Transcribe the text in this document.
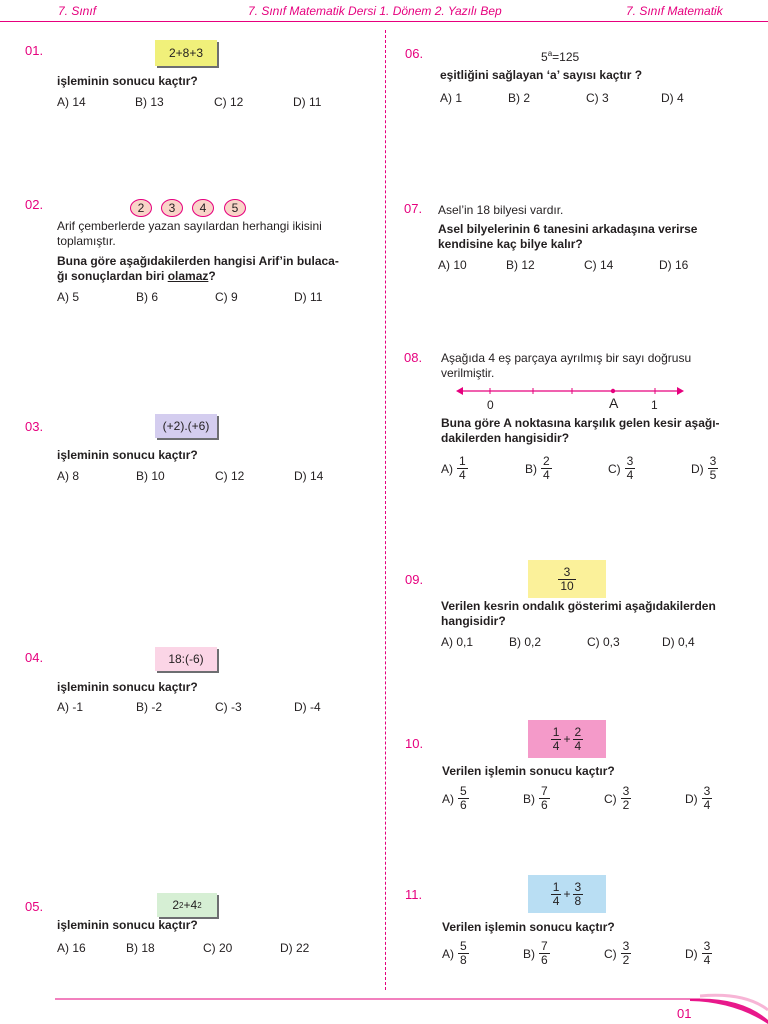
7. Sınıf	7. Sınıf Matematik Dersi 1. Dönem 2. Yazılı Bep	7. Sınıf Matematik
01.	2+8+3
işleminin sonucu kaçtır?
A) 14	B) 13	C) 12	D) 11
02.	2	3	4	5
Arif çemberlerde yazan sayılardan herhangi ikisini toplamıştır.
Buna göre aşağıdakilerden hangisi Arif’in bulaca-
ğı sonuçlardan biri olamaz?
A) 5	B) 6	C) 9	D) 11
03.	(+2).(+6)
işleminin sonucu kaçtır?
A) 8	B) 10	C) 12	D) 14
04.	18:(-6)
işleminin sonucu kaçtır?
A) -1	B) -2	C) -3	D) -4
05.	2 2 + 4 2
işleminin sonucu kaçtır?
A) 16	B) 18	C) 20	D) 22
06.	$5^a=125$
eşitliğini sağlayan ‘a’ sayısı kaçtır ?
A) 1	B) 2	C) 3	D) 4
07. Asel’in 18 bilyesi vardır.
Asel bilyelerinin 6 tanesini arkadaşına verirse kendisine kaç bilye kalır?
A) 10	B) 12	C) 14	D) 16
08. Aşağıda 4 eş parçaya ayrılmış bir sayı doğrusu verilmiştir.
0	A	1
Buna göre A noktasına karşılık gelen kesir aşağı-dakilerden hangisidir?
$A) \frac{1}{4}$	$B) \frac{2}{4}$	$C) \frac{3}{4}$	$D) \frac{3}{5}$
09.	$\frac{3}{10}$
Verilen kesrin ondalık gösterimi aşağıdakilerden hangisidir?
A) 0,1	B) 0,2	C) 0,3	D) 0,4
10.	$\frac{1}{4} + \frac{2}{4}$
Verilen işlemin sonucu kaçtır?
$A) \frac{5}{6}$	$B) \frac{7}{6}$	$C) \frac{3}{2}$	$D) \frac{3}{4}$
11.	$\frac{1}{4} + \frac{3}{8}$
Verilen işlemin sonucu kaçtır?
$A) \frac{5}{8}$	$B) \frac{7}{6}$	$C) \frac{3}{2}$	$D) \frac{3}{4}$
01
